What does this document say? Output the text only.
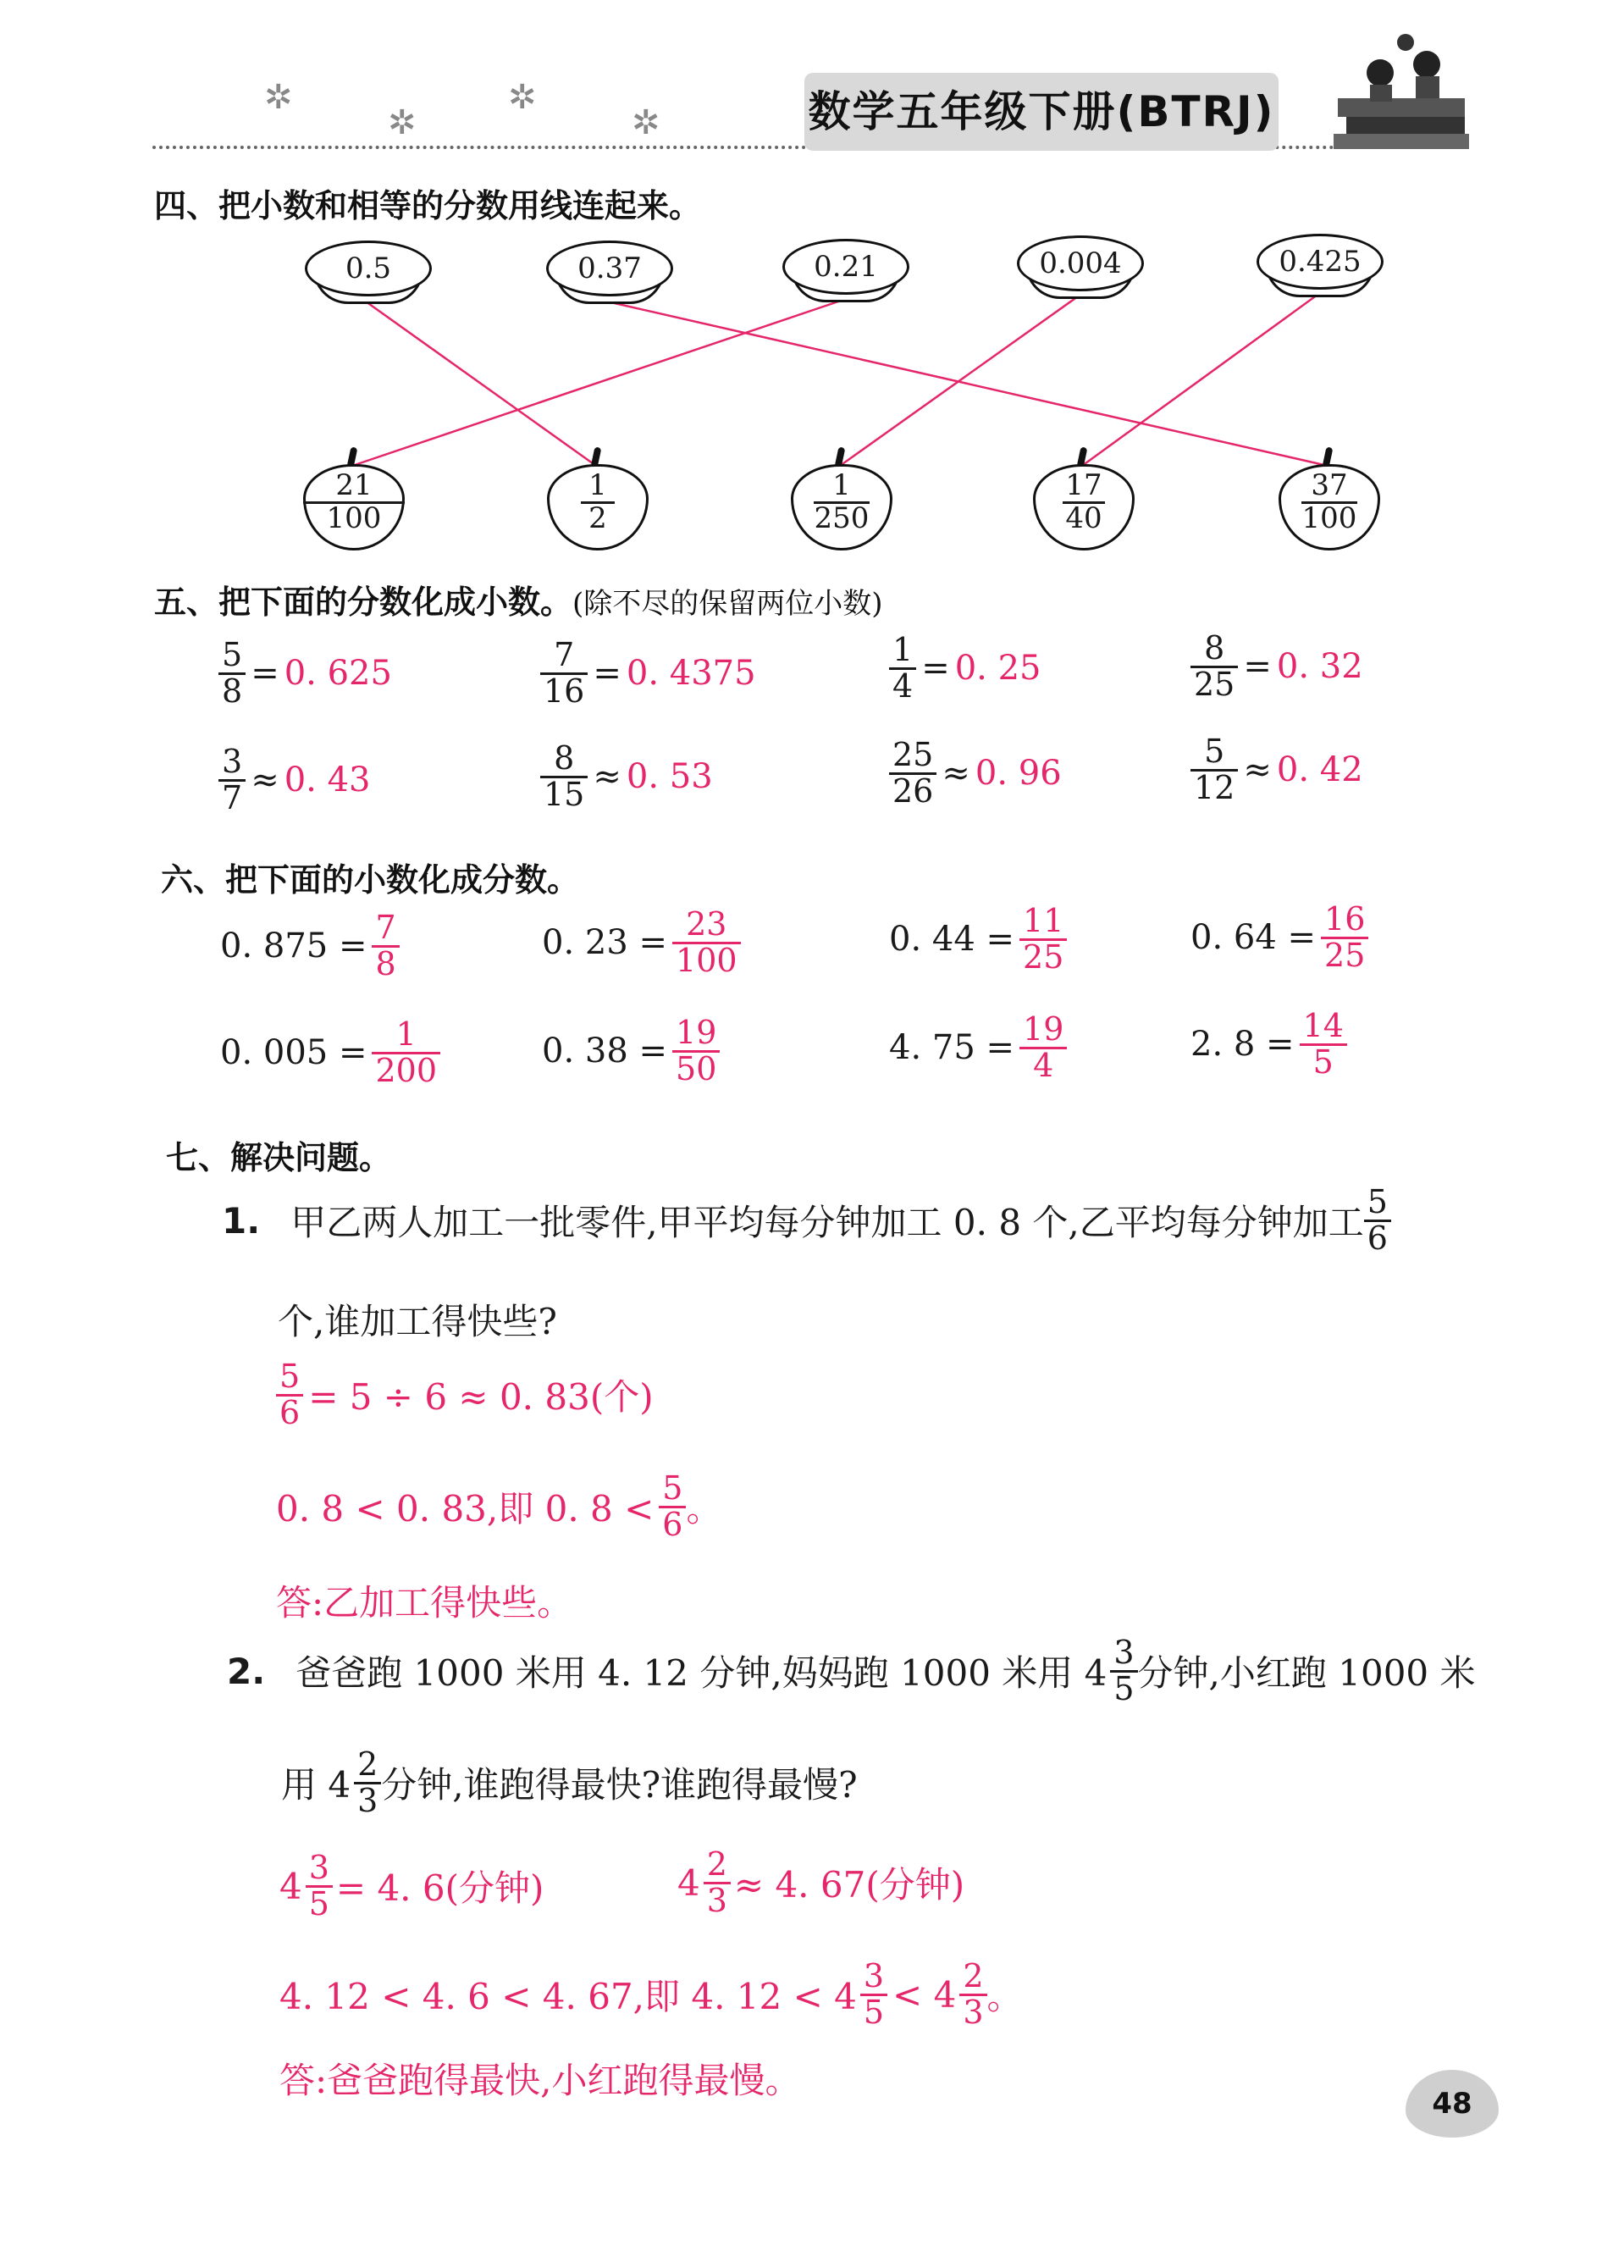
✲
✲
✲
✲	数学五年级下册(BTRJ)
四、把小数和相等的分数用线连起来。
0.5	0.37	0.21	0.004	0.425
21
100
1
2
1
250
17
40
37
100
五、把下面的分数化成小数。(除不尽的保留两位小数)
$\frac{5}{8} = 0$. 625	$\frac{7}{16} = 0$. 4375	$\frac{1}{4} = 0$. 25	$\frac{8}{25} = 0$. 32
$\frac{3}{7} \approx 0$. 43	$\frac{8}{15} \approx 0$. 53	$\frac{25}{26} \approx 0$. 96	$\frac{5}{12} \approx 0$. 42
六、把下面的小数化成分数。
0. $875 = \frac{7}{8}$	0. $23 = \frac{23}{100}$	0. $44 = \frac{11}{25}$	0. $64 = \frac{16}{25}$
0. $005 = \frac{1}{200}$	0. $38 = \frac{19}{50}$	4. $75 = \frac{19}{4}$	2. $8 = \frac{14}{5}$
七、解决问题。
1. 甲乙两人加工一批零件,甲平均每分钟加工 0. 8 个,乙平均每分钟加工 $\frac{5}{6}$
个,谁加工得快些?
$\frac{5}{6} = 5 \div 6 \approx 0$. 83(个)
0. 8 < 0. 83,即 0. $8 < \frac{5}{6}$ 。
答:乙加工得快些。
2. 爸爸跑 1000 米用 4. 12 分钟,妈妈跑 1000 米用 $4 \frac{3}{5}$ 分钟,小红跑 1000 米
用 $4 \frac{2}{3}$ 分钟,谁跑得最快?谁跑得最慢?
$4 \frac{3}{5} = 4$. 6(分钟)	$4 \frac{2}{3} \approx 4$. 67(分钟)
4. 12 < 4. 6 < 4. 67,即 4. $12 < 4 \frac{3}{5} < 4 \frac{2}{3}$ 。
答:爸爸跑得最快,小红跑得最慢。
48
